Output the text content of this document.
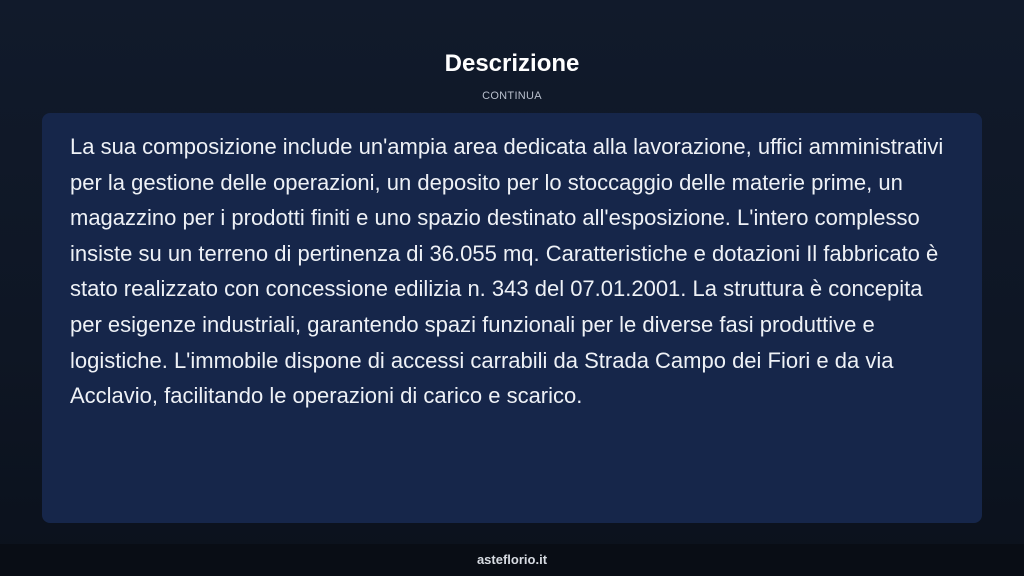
Descrizione
CONTINUA

La sua composizione include un'ampia area dedicata alla lavorazione, uffici amministrativi per la gestione delle operazioni, un deposito per lo stoccaggio delle materie prime, un magazzino per i prodotti finiti e uno spazio destinato all'esposizione. L'intero complesso insiste su un terreno di pertinenza di 36.055 mq. Caratteristiche e dotazioni Il fabbricato è stato realizzato con concessione edilizia n. 343 del 07.01.2001. La struttura è concepita per esigenze industriali, garantendo spazi funzionali per le diverse fasi produttive e logistiche. L'immobile dispone di accessi carrabili da Strada Campo dei Fiori e da via Acclavio, facilitando le operazioni di carico e scarico.

asteflorio.it
